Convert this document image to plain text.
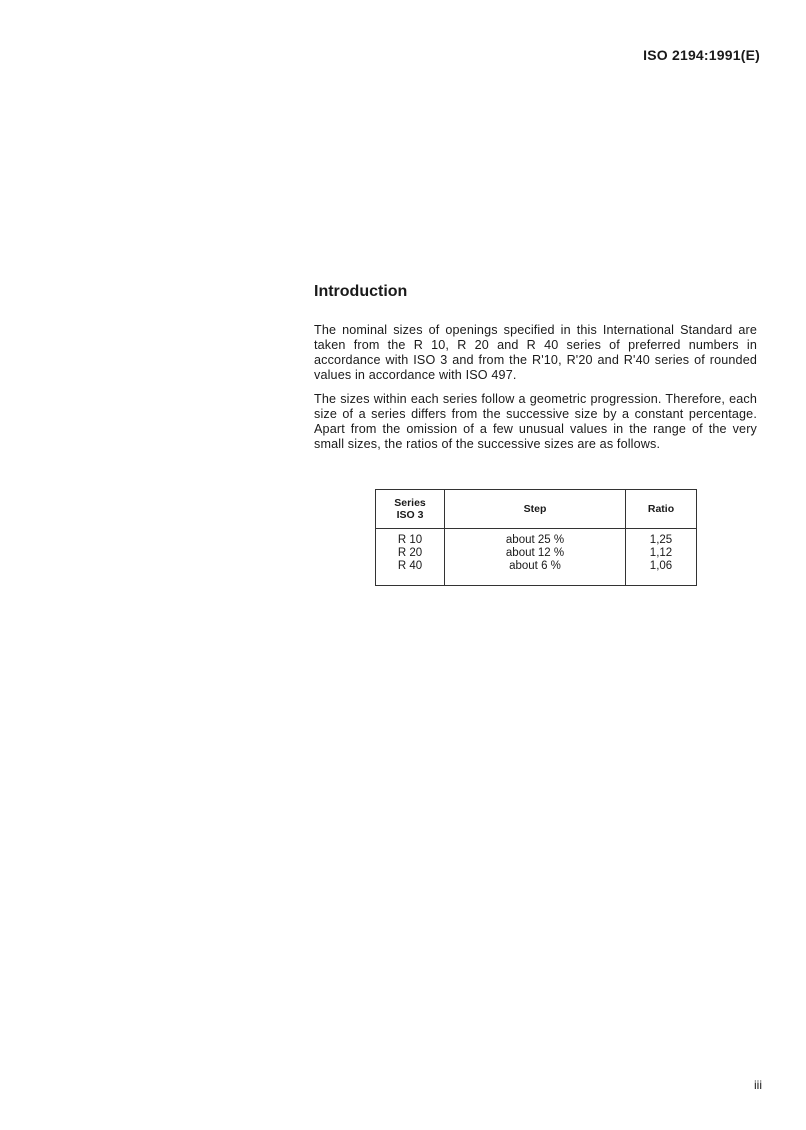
ISO 2194:1991(E)
Introduction

The nominal sizes of openings specified in this International Standard are taken from the R 10, R 20 and R 40 series of preferred numbers in accordance with ISO 3 and from the R'10, R'20 and R'40 series of rounded values in accordance with ISO 497.

The sizes within each series follow a geometric progression. Therefore, each size of a series differs from the successive size by a constant percentage. Apart from the omission of a few unusual values in the range of the very small sizes, the ratios of the successive sizes are as follows.

Series
ISO 3	Step	Ratio
R 10	about 25 %	1,25
R 20	about 12 %	1,12
R 40	about 6 %	1,06
iii
